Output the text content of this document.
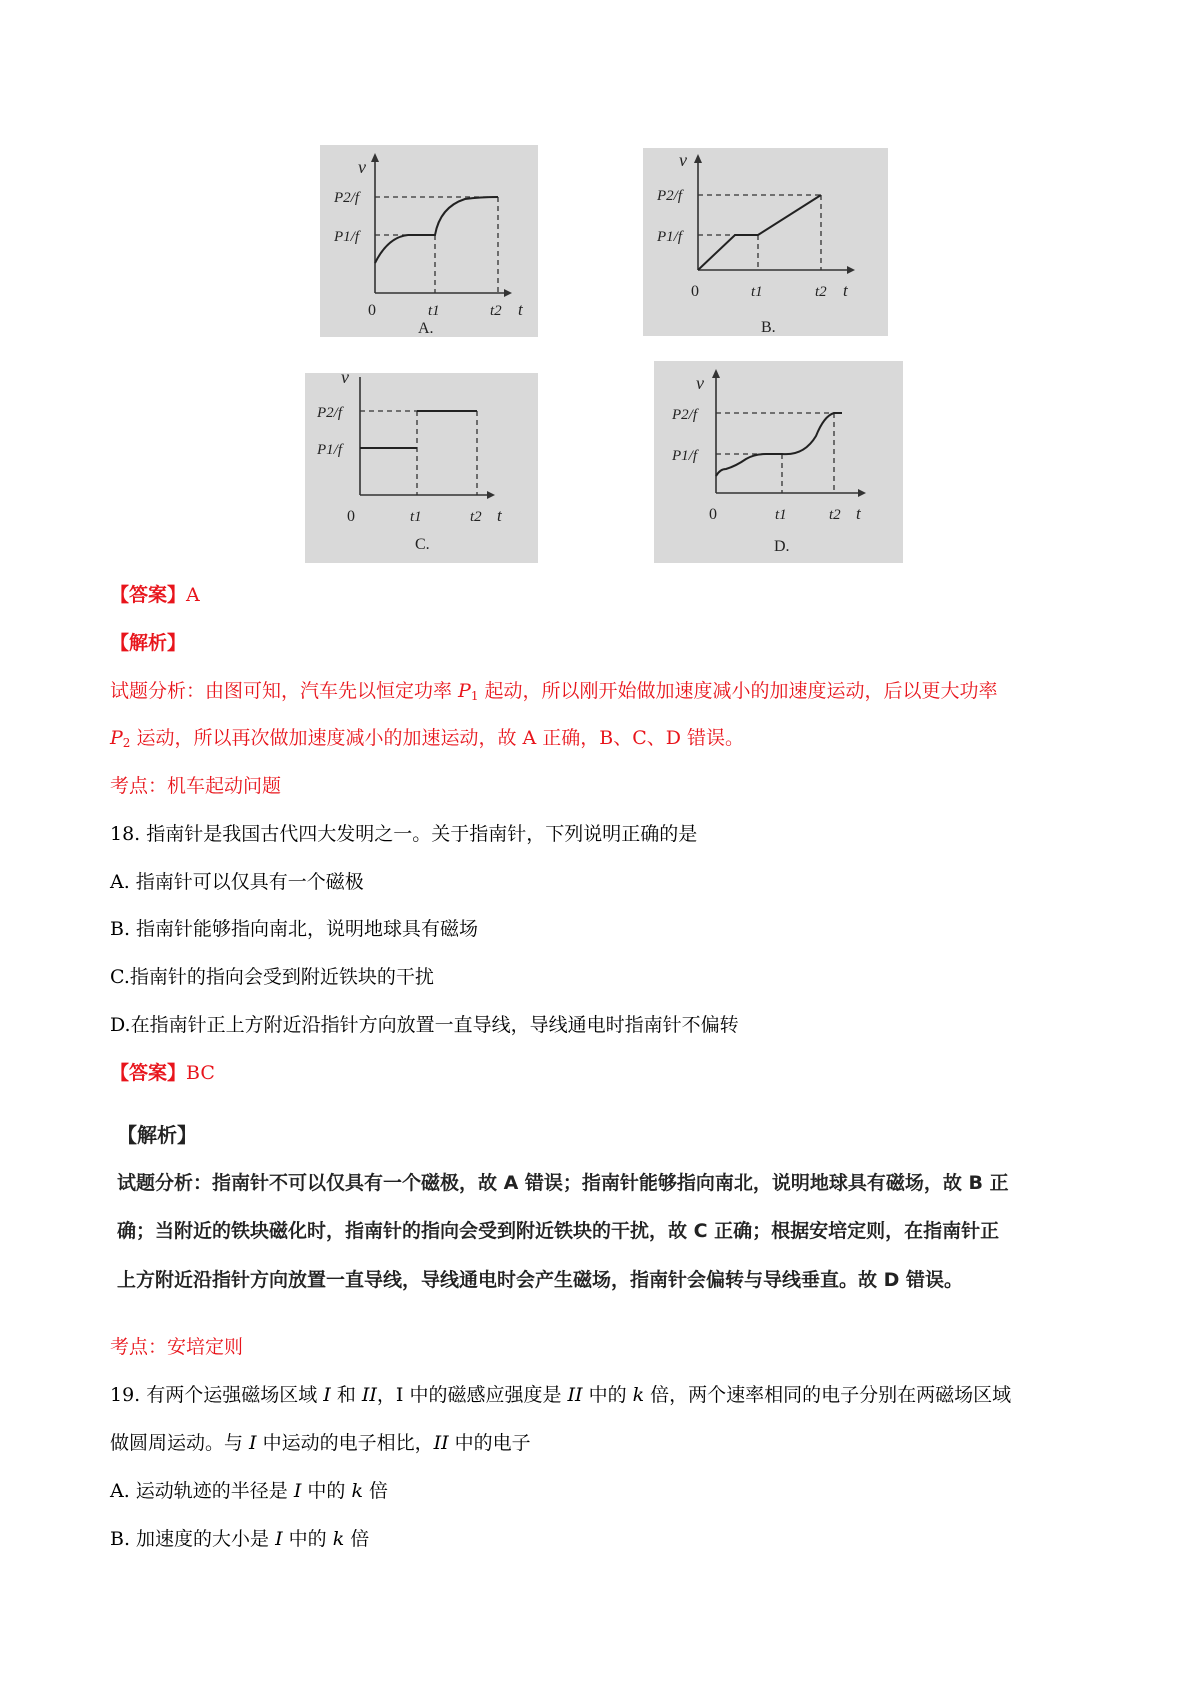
v
P2/f
P1/f
0	t1	t2 t
A.
v
P2/f
P1/f
0	t1	t2 t
B.
v
P2/f
P1/f
0	t1	t2 t
C.
v
P2/f
P1/f
0	t1	t2 t
D.
【答案】A
【解析】
试题分析：由图可知，汽车先以恒定功率 $P_1$ 起动，所以刚开始做加速度减小的加速度运动，后以更大功率
$P_2$ 运动，所以再次做加速度减小的加速运动，故 A 正确，B、C、D 错误。
考点：机车起动问题
18. 指南针是我国古代四大发明之一。关于指南针，下列说明正确的是
A. 指南针可以仅具有一个磁极
B. 指南针能够指向南北，说明地球具有磁场
C.指南针的指向会受到附近铁块的干扰
D.在指南针正上方附近沿指针方向放置一直导线，导线通电时指南针不偏转
【答案】BC
【解析】
试题分析：指南针不可以仅具有一个磁极，故 A 错误；指南针能够指向南北，说明地球具有磁场，故 B 正
确；当附近的铁块磁化时，指南针的指向会受到附近铁块的干扰，故 C 正确；根据安培定则，在指南针正
上方附近沿指针方向放置一直导线，导线通电时会产生磁场，指南针会偏转与导线垂直。故 D 错误。
考点：安培定则
19. 有两个运强磁场区域 I 和 II，I 中的磁感应强度是 II 中的 k 倍，两个速率相同的电子分别在两磁场区域
做圆周运动。与 I 中运动的电子相比，II 中的电子
A. 运动轨迹的半径是 I 中的 k 倍
B. 加速度的大小是 I 中的 k 倍
